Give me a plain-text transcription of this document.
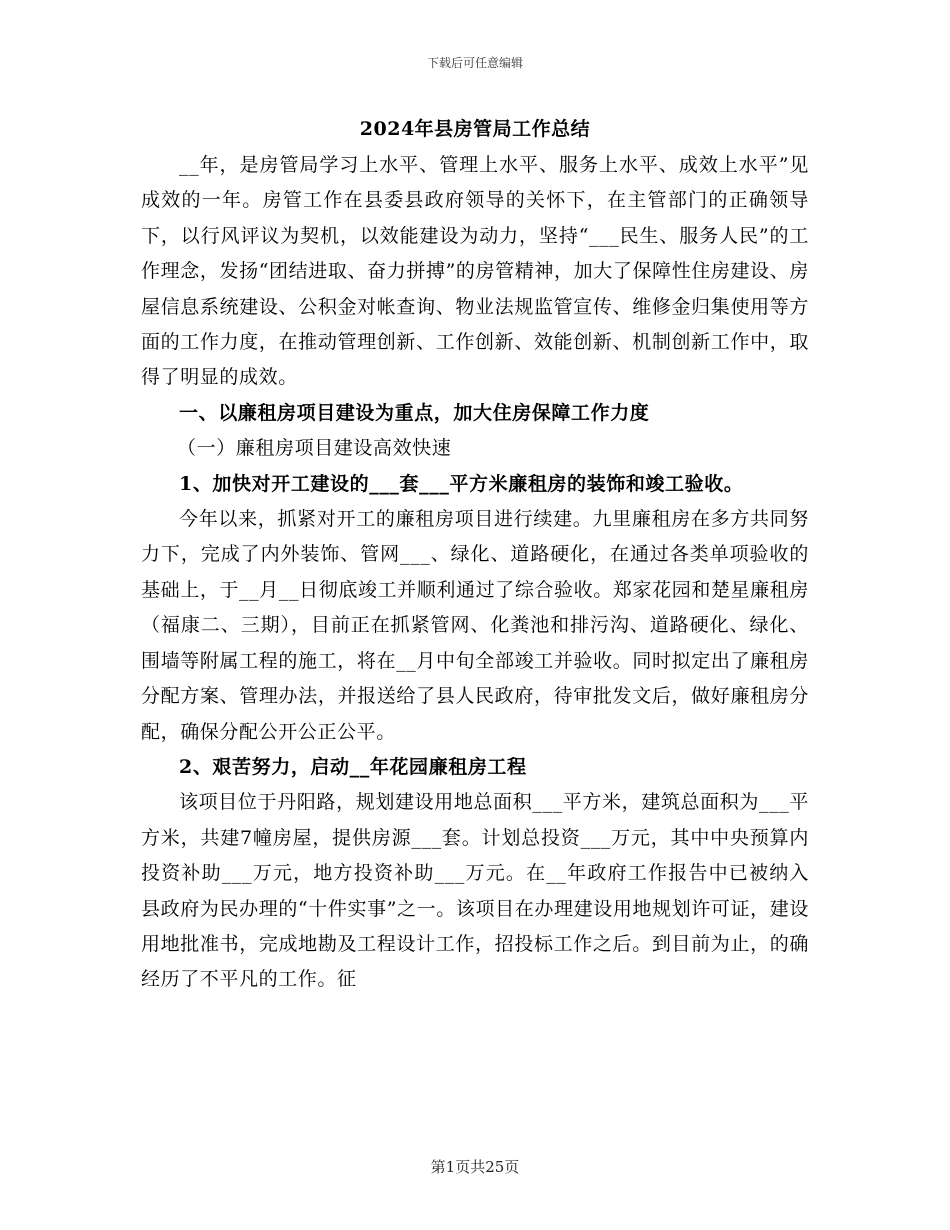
下载后可任意编辑
2024年县房管局工作总结

__年，是房管局学习上水平、管理上水平、服务上水平、成效上水平”见成效的一年。房管工作在县委县政府领导的关怀下，在主管部门的正确领导下，以行风评议为契机，以效能建设为动力，坚持“___民生、服务人民”的工作理念，发扬“团结进取、奋力拼搏”的房管精神，加大了保障性住房建设、房屋信息系统建设、公积金对帐查询、物业法规监管宣传、维修金归集使用等方面的工作力度，在推动管理创新、工作创新、效能创新、机制创新工作中，取得了明显的成效。

一、以廉租房项目建设为重点，加大住房保障工作力度

（一）廉租房项目建设高效快速

1、加快对开工建设的___套___平方米廉租房的装饰和竣工验收。

今年以来，抓紧对开工的廉租房项目进行续建。九里廉租房在多方共同努力下，完成了内外装饰、管网___、绿化、道路硬化，在通过各类单项验收的基础上，于__月__日彻底竣工并顺利通过了综合验收。郑家花园和楚星廉租房（福康二、三期），目前正在抓紧管网、化粪池和排污沟、道路硬化、绿化、围墙等附属工程的施工，将在__月中旬全部竣工并验收。同时拟定出了廉租房分配方案、管理办法，并报送给了县人民政府，待审批发文后，做好廉租房分配，确保分配公开公正公平。

2、艰苦努力，启动__年花园廉租房工程

该项目位于丹阳路，规划建设用地总面积___平方米，建筑总面积为___平方米，共建7幢房屋，提供房源___套。计划总投资___万元，其中中央预算内投资补助___万元，地方投资补助___万元。在__年政府工作报告中已被纳入县政府为民办理的“十件实事”之一。该项目在办理建设用地规划许可证，建设用地批准书，完成地勘及工程设计工作，招投标工作之后。到目前为止，的确经历了不平凡的工作。征

第1页共25页
